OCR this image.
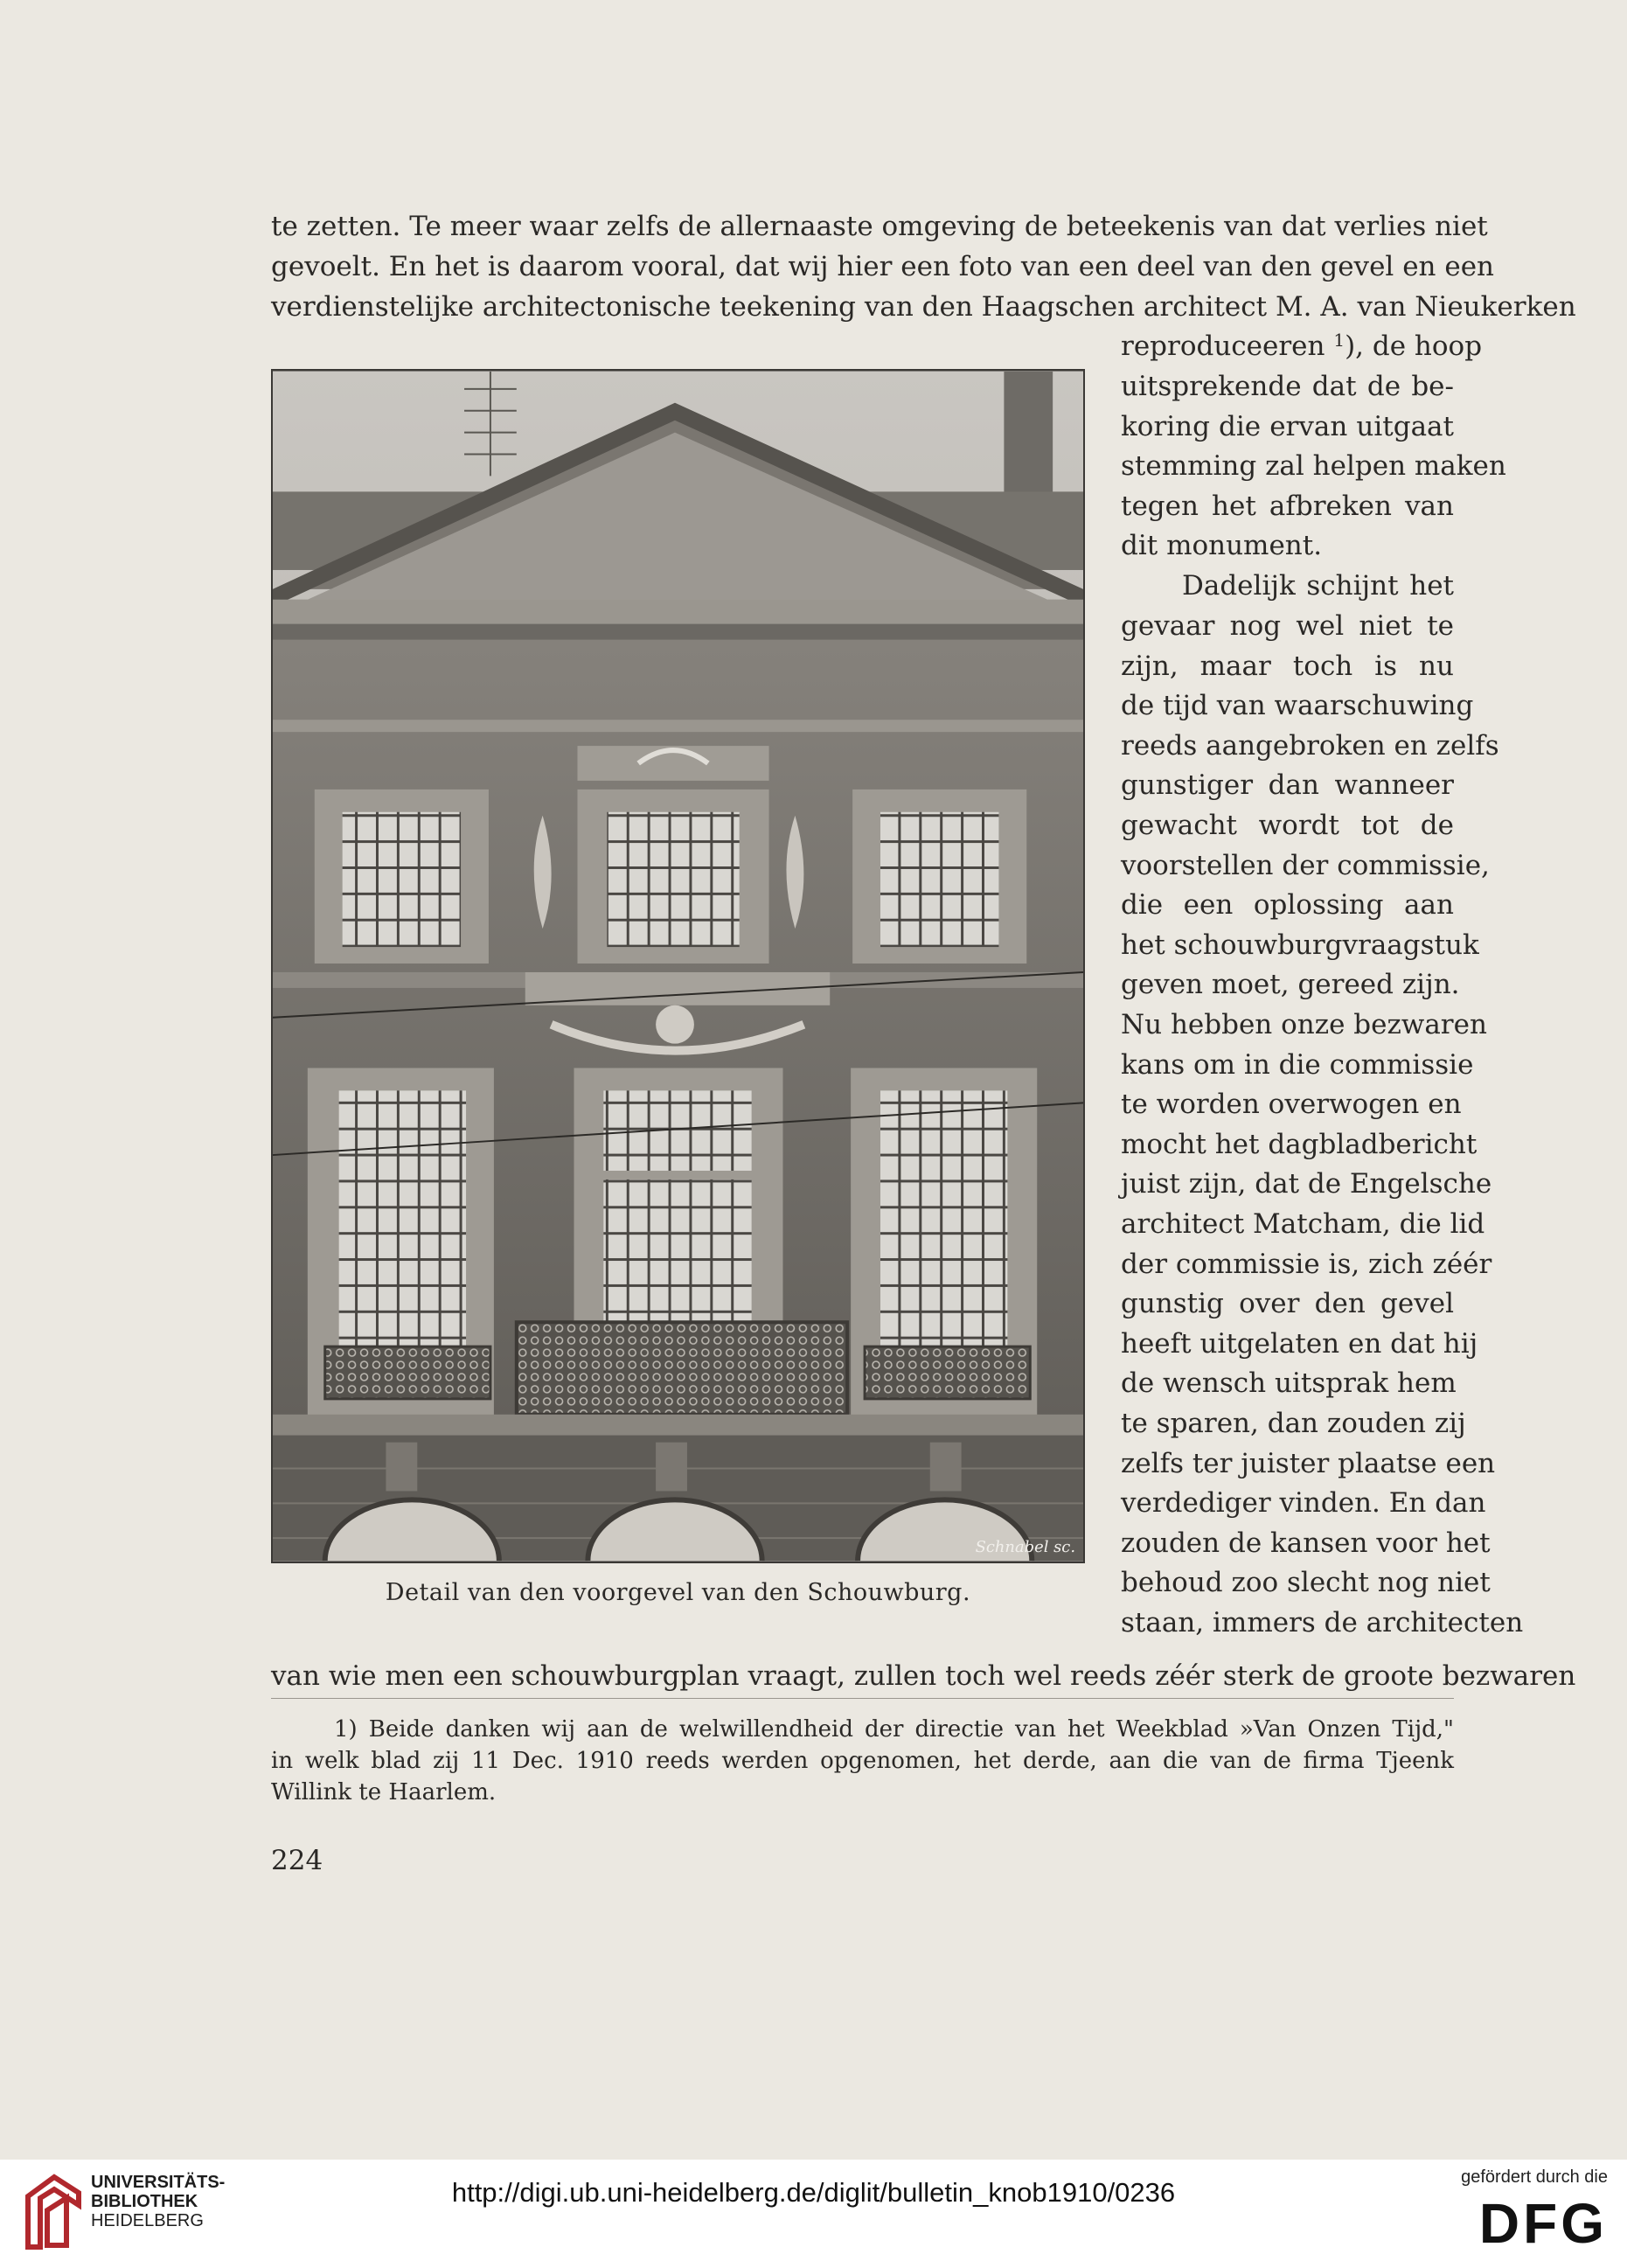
te zetten. Te meer waar zelfs de allernaaste omgeving de beteekenis van dat verlies niet
gevoelt. En het is daarom vooral, dat wij hier een foto van een deel van den gevel en een
verdienstelijke architectonische teekening van den Haagschen architect M. A. van Nieukerken
reproduceeren $^1$), de hoop
uitsprekende dat de be-
koring die ervan uitgaat
stemming zal helpen maken
tegen het afbreken van
dit monument.
Dadelijk schijnt het
gevaar nog wel niet te
zijn, maar toch is nu
de tijd van waarschuwing
reeds aangebroken en zelfs
gunstiger dan wanneer
gewacht wordt tot de
voorstellen der commissie,
die een oplossing aan
het schouwburgvraagstuk
geven moet, gereed zijn.
Nu hebben onze bezwaren
kans om in die commissie
te worden overwogen en
mocht het dagbladbericht
juist zijn, dat de Engelsche
architect Matcham, die lid
der commissie is, zich zéér
gunstig over den gevel
heeft uitgelaten en dat hij
de wensch uitsprak hem
te sparen, dan zouden zij
zelfs ter juister plaatse een
verdediger vinden. En dan
zouden de kansen voor het
behoud zoo slecht nog niet
staan, immers de architecten
Schnabel sc.
Detail van den voorgevel van den Schouwburg.
van wie men een schouwburgplan vraagt, zullen toch wel reeds zéér sterk de groote bezwaren
1) Beide danken wij aan de welwillendheid der directie van het Weekblad »Van Onzen Tijd,"
in welk blad zij 11 Dec. 1910 reeds werden opgenomen, het derde, aan die van de firma Tjeenk
Willink te Haarlem.
224
UNIVERSITÄTS-
BIBLIOTHEK
HEIDELBERG
http://digi.ub.uni-heidelberg.de/diglit/bulletin_knob1910/0236	gefördert durch die
DFG
